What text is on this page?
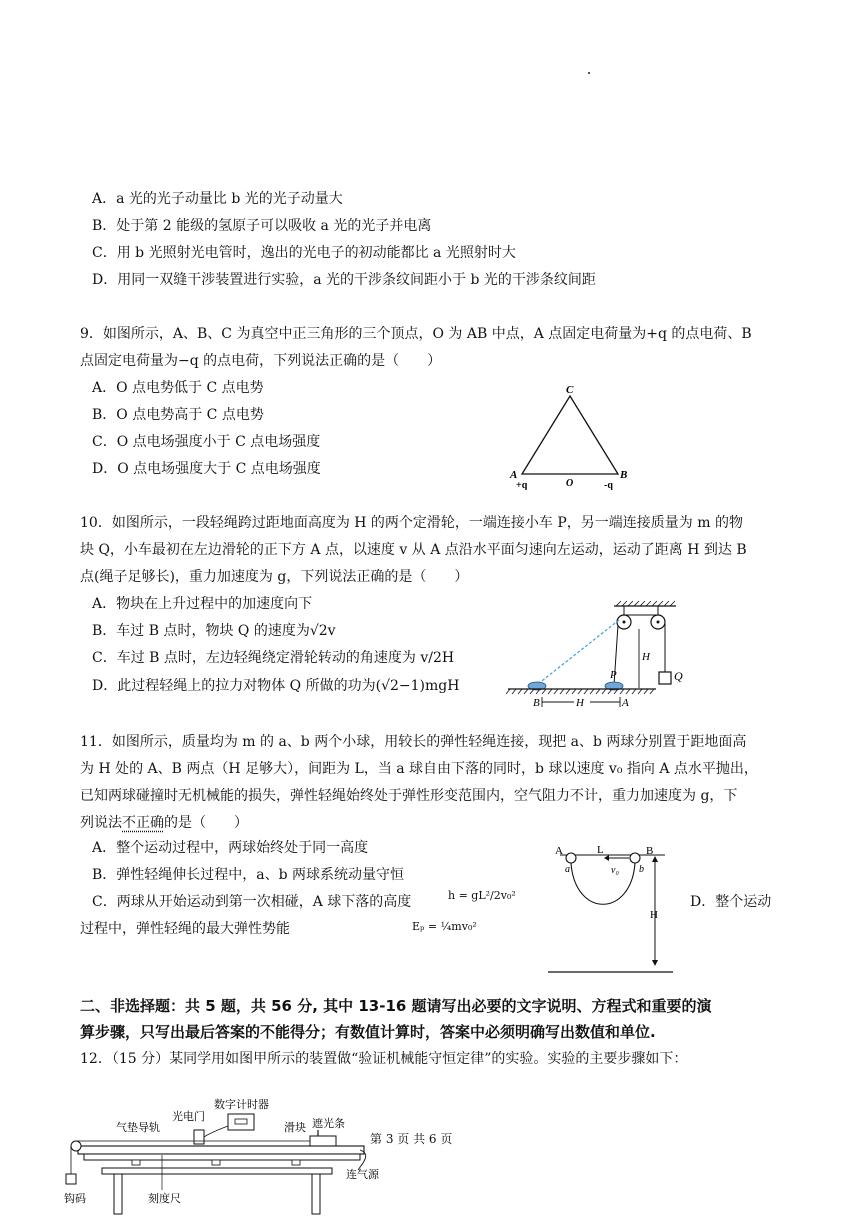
A．a 光的光子动量比 b 光的光子动量大
B．处于第 2 能级的氢原子可以吸收 a 光的光子并电离
C．用 b 光照射光电管时，逸出的光电子的初动能都比 a 光照射时大
D．用同一双缝干涉装置进行实验，a 光的干涉条纹间距小于 b 光的干涉条纹间距
9．如图所示，A、B、C 为真空中正三角形的三个顶点，O 为 AB 中点，A 点固定电荷量为+q 的点电荷、B
点固定电荷量为−q 的点电荷，下列说法正确的是（　　）
A．O 点电势低于 C 点电势
B．O 点电势高于 C 点电势
C．O 点电场强度小于 C 点电场强度
D．O 点电场强度大于 C 点电场强度
C
A	B
O
+q	-q
10．如图所示，一段轻绳跨过距地面高度为 H 的两个定滑轮，一端连接小车 P，另一端连接质量为 m 的物
块 Q，小车最初在左边滑轮的正下方 A 点，以速度 v 从 A 点沿水平面匀速向左运动，运动了距离 H 到达 B
点(绳子足够长)，重力加速度为 g，下列说法正确的是（　　）
A．物块在上升过程中的加速度向下
B．车过 B 点时，物块 Q 的速度为√2v
C．车过 B 点时，左边轻绳绕定滑轮转动的角速度为 v/2H
D．此过程轻绳上的拉力对物体 Q 所做的功为(√2−1)mgH
Q
H
P
B	H	A
11．如图所示，质量均为 m 的 a、b 两个小球，用较长的弹性轻绳连接，现把 a、b 两球分别置于距地面高
为 H 处的 A、B 两点（H 足够大），间距为 L，当 a 球自由下落的同时，b 球以速度 v₀ 指向 A 点水平抛出，
已知两球碰撞时无机械能的损失，弹性轻绳始终处于弹性形变范围内，空气阻力不计，重力加速度为 g，下
列说法不正确的是（　　）
A．整个运动过程中，两球始终处于同一高度
B．弹性轻绳伸长过程中，a、b 两球系统动量守恒
C．两球从开始运动到第一次相碰，A 球下落的高度	h = gL²/2v₀²	D．整个运动
过程中，弹性轻绳的最大弹性势能	Eₚ = ¼mv₀²
A	B
L
a	b
v₀
H
二、非选择题：共 5 题，共 56 分, 其中 13-16 题请写出必要的文字说明、方程式和重要的演
算步骤，只写出最后答案的不能得分；有数值计算时，答案中必须明确写出数值和单位.
12．（15 分）某同学用如图甲所示的装置做“验证机械能守恒定律”的实验。实验的主要步骤如下：
数字计时器
光电门
气垫导轨	滑块 遮光条
钩码	刻度尺
连气源
第 3 页 共 6 页
